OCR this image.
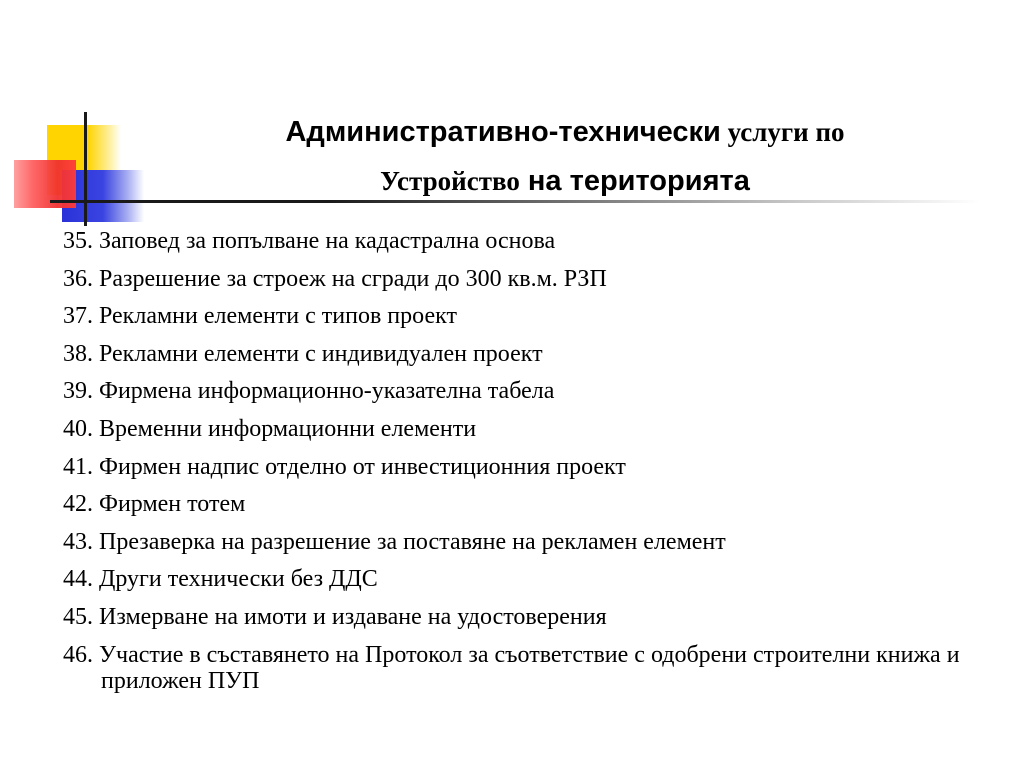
Административно-технически услуги по
Устройство на територията
35. Заповед за попълване на кадастрална основа
36. Разрешение за строеж на сгради до 300 кв.м. РЗП
37. Рекламни елементи с типов проект
38. Рекламни елементи с индивидуален проект
39. Фирмена информационно-указателна табела
40. Временни информационни елементи
41. Фирмен надпис отделно от инвестиционния проект
42. Фирмен тотем
43. Презаверка на разрешение за поставяне на рекламен елемент
44. Други технически без ДДС
45. Измерване на имоти и издаване на удостоверения
46. Участие в съставянето на Протокол за съответствие с одобрени строителни книжа и приложен ПУП
